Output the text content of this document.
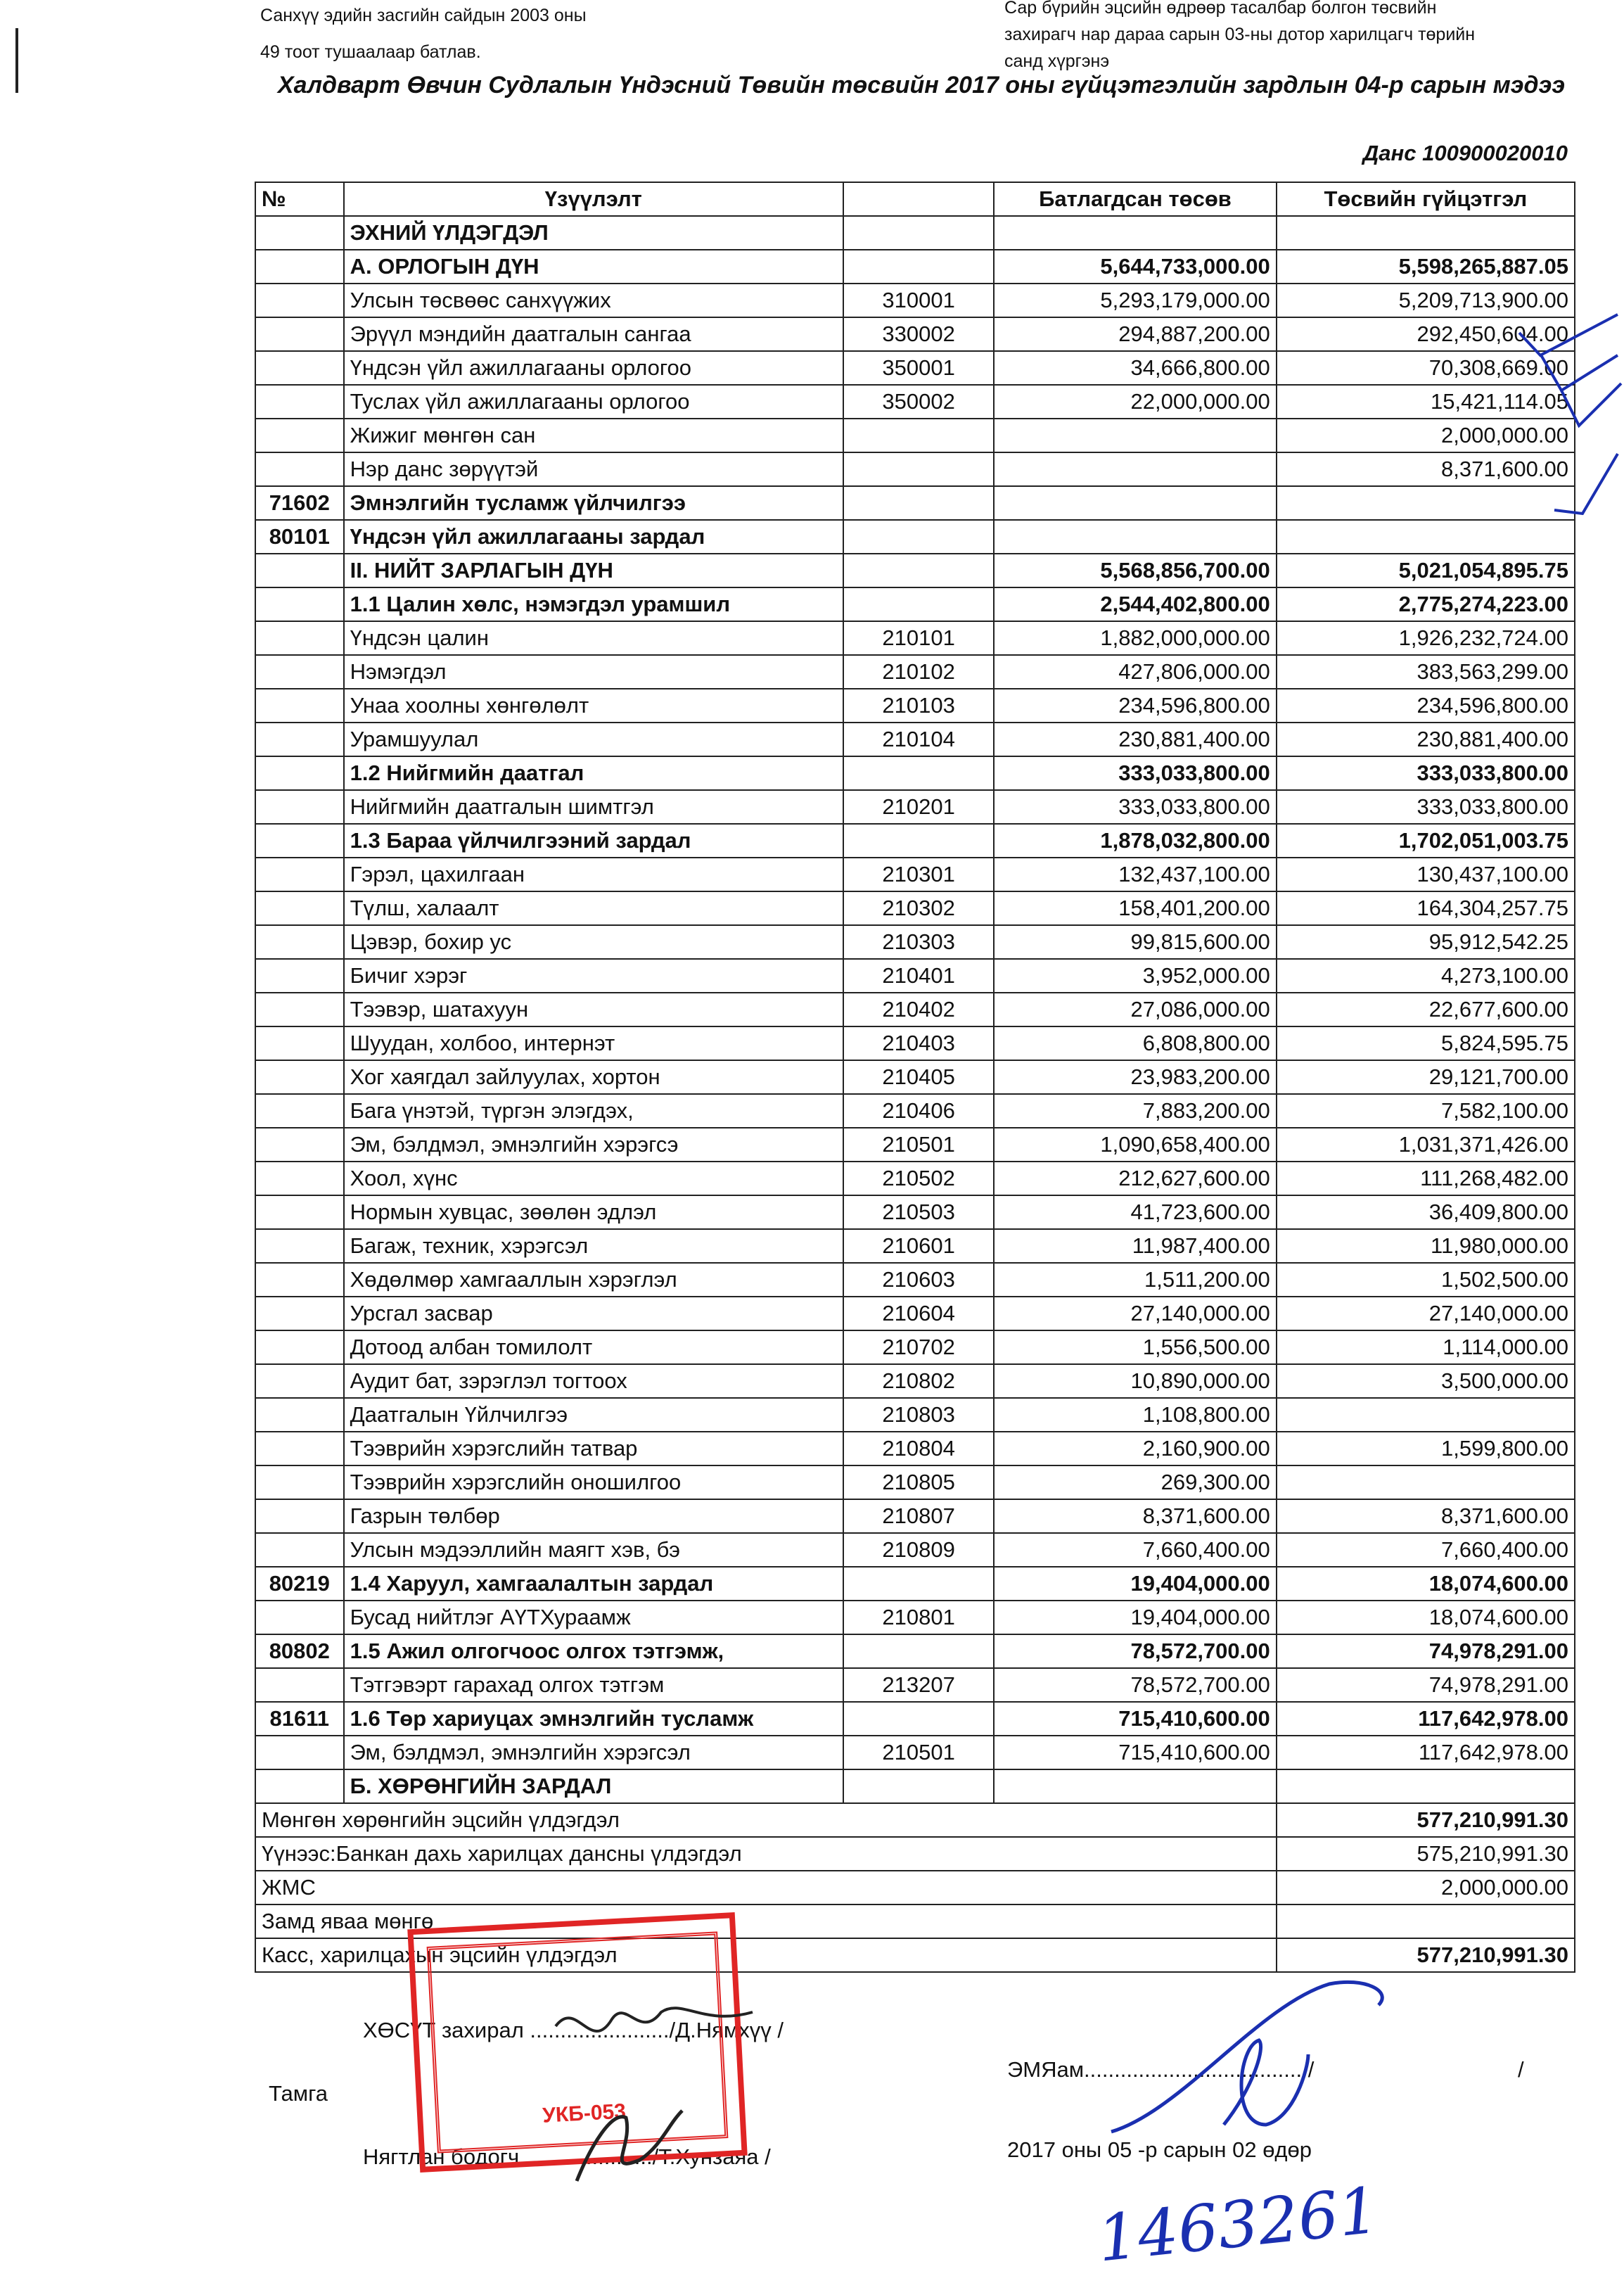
Санхүү эдийн засгийн сайдын 2003 оны
49 тоот тушаалаар батлав.
Сар бүрийн эцсийн өдрөөр тасалбар болгон төсвийн
захирагч нар дараа сарын 03-ны дотор харилцагч төрийн
санд хүргэнэ
Халдварт Өвчин Судлалын Үндэсний Төвийн төсвийн 2017 оны гүйцэтгэлийн зардлын 04-р сарын мэдээ
Данс 100900020010
№	Үзүүлэлт		Батлагдсан төсөв	Төсвийн гүйцэтгэл
	ЭХНИЙ ҮЛДЭГДЭЛ			
	А. ОРЛОГЫН ДҮН		5,644,733,000.00	5,598,265,887.05
	Улсын төсвөөс санхүүжих	310001	5,293,179,000.00	5,209,713,900.00
	Эрүүл мэндийн даатгалын сангаа	330002	294,887,200.00	292,450,604.00
	Үндсэн үйл ажиллагааны орлогоо	350001	34,666,800.00	70,308,669.00
	Туслах үйл ажиллагааны орлогоо	350002	22,000,000.00	15,421,114.05
	Жижиг мөнгөн сан			2,000,000.00
	Нэр данс зөрүүтэй			8,371,600.00
71602	Эмнэлгийн тусламж үйлчилгээ			
80101	Үндсэн үйл ажиллагааны зардал			
	II. НИЙТ ЗАРЛАГЫН ДҮН		5,568,856,700.00	5,021,054,895.75
	1.1 Цалин хөлс, нэмэгдэл урамшил		2,544,402,800.00	2,775,274,223.00
	Үндсэн цалин	210101	1,882,000,000.00	1,926,232,724.00
	Нэмэгдэл	210102	427,806,000.00	383,563,299.00
	Унаа хоолны хөнгөлөлт	210103	234,596,800.00	234,596,800.00
	Урамшуулал	210104	230,881,400.00	230,881,400.00
	1.2 Нийгмийн даатгал		333,033,800.00	333,033,800.00
	Нийгмийн даатгалын шимтгэл	210201	333,033,800.00	333,033,800.00
	1.3 Бараа үйлчилгээний зардал		1,878,032,800.00	1,702,051,003.75
	Гэрэл, цахилгаан	210301	132,437,100.00	130,437,100.00
	Түлш, халаалт	210302	158,401,200.00	164,304,257.75
	Цэвэр, бохир ус	210303	99,815,600.00	95,912,542.25
	Бичиг хэрэг	210401	3,952,000.00	4,273,100.00
	Тээвэр, шатахуун	210402	27,086,000.00	22,677,600.00
	Шуудан, холбоо, интернэт	210403	6,808,800.00	5,824,595.75
	Хог хаягдал зайлуулах, хортон	210405	23,983,200.00	29,121,700.00
	Бага үнэтэй, түргэн элэгдэх,	210406	7,883,200.00	7,582,100.00
	Эм, бэлдмэл, эмнэлгийн хэрэгсэ	210501	1,090,658,400.00	1,031,371,426.00
	Хоол, хүнс	210502	212,627,600.00	111,268,482.00
	Нормын хувцас, зөөлөн эдлэл	210503	41,723,600.00	36,409,800.00
	Багаж, техник, хэрэгсэл	210601	11,987,400.00	11,980,000.00
	Хөдөлмөр хамгааллын хэрэглэл	210603	1,511,200.00	1,502,500.00
	Урсгал засвар	210604	27,140,000.00	27,140,000.00
	Дотоод албан томилолт	210702	1,556,500.00	1,114,000.00
	Аудит бат, зэрэглэл тогтоох	210802	10,890,000.00	3,500,000.00
	Даатгалын Үйлчилгээ	210803	1,108,800.00	
	Тээврийн хэрэгслийн татвар	210804	2,160,900.00	1,599,800.00
	Тээврийн хэрэгслийн оношилгоо	210805	269,300.00	
	Газрын төлбөр	210807	8,371,600.00	8,371,600.00
	Улсын мэдээллийн маягт хэв, бэ	210809	7,660,400.00	7,660,400.00
80219	1.4 Харуул, хамгаалалтын зардал		19,404,000.00	18,074,600.00
	Бусад нийтлэг АҮТХураамж	210801	19,404,000.00	18,074,600.00
80802	1.5 Ажил олгогчоос олгох тэтгэмж,		78,572,700.00	74,978,291.00
	Тэтгэвэрт гарахад олгох тэтгэм	213207	78,572,700.00	74,978,291.00
81611	1.6 Төр хариуцах эмнэлгийн тусламж		715,410,600.00	117,642,978.00
	Эм, бэлдмэл, эмнэлгийн хэрэгсэл	210501	715,410,600.00	117,642,978.00
	Б. ХӨРӨНГИЙН ЗАРДАЛ			
Мөнгөн хөрөнгийн эцсийн үлдэгдэл				577,210,991.30
Үүнээс:Банкан дахь харилцах дансны үлдэгдэл				575,210,991.30
ЖМС				2,000,000.00
Замд яваа мөнгө				
Касс, харилцахын эцсийн үлдэгдэл				577,210,991.30
ХӨСҮТ захирал ......................./Д.Нямхүү /
Тамга
Нягтлан бодогч ...................../Т.Хунзаяа /
ЭМЯам.................................... /	/
2017 оны 05 -р сарын 02 өдөр
1463261
УКБ-053
